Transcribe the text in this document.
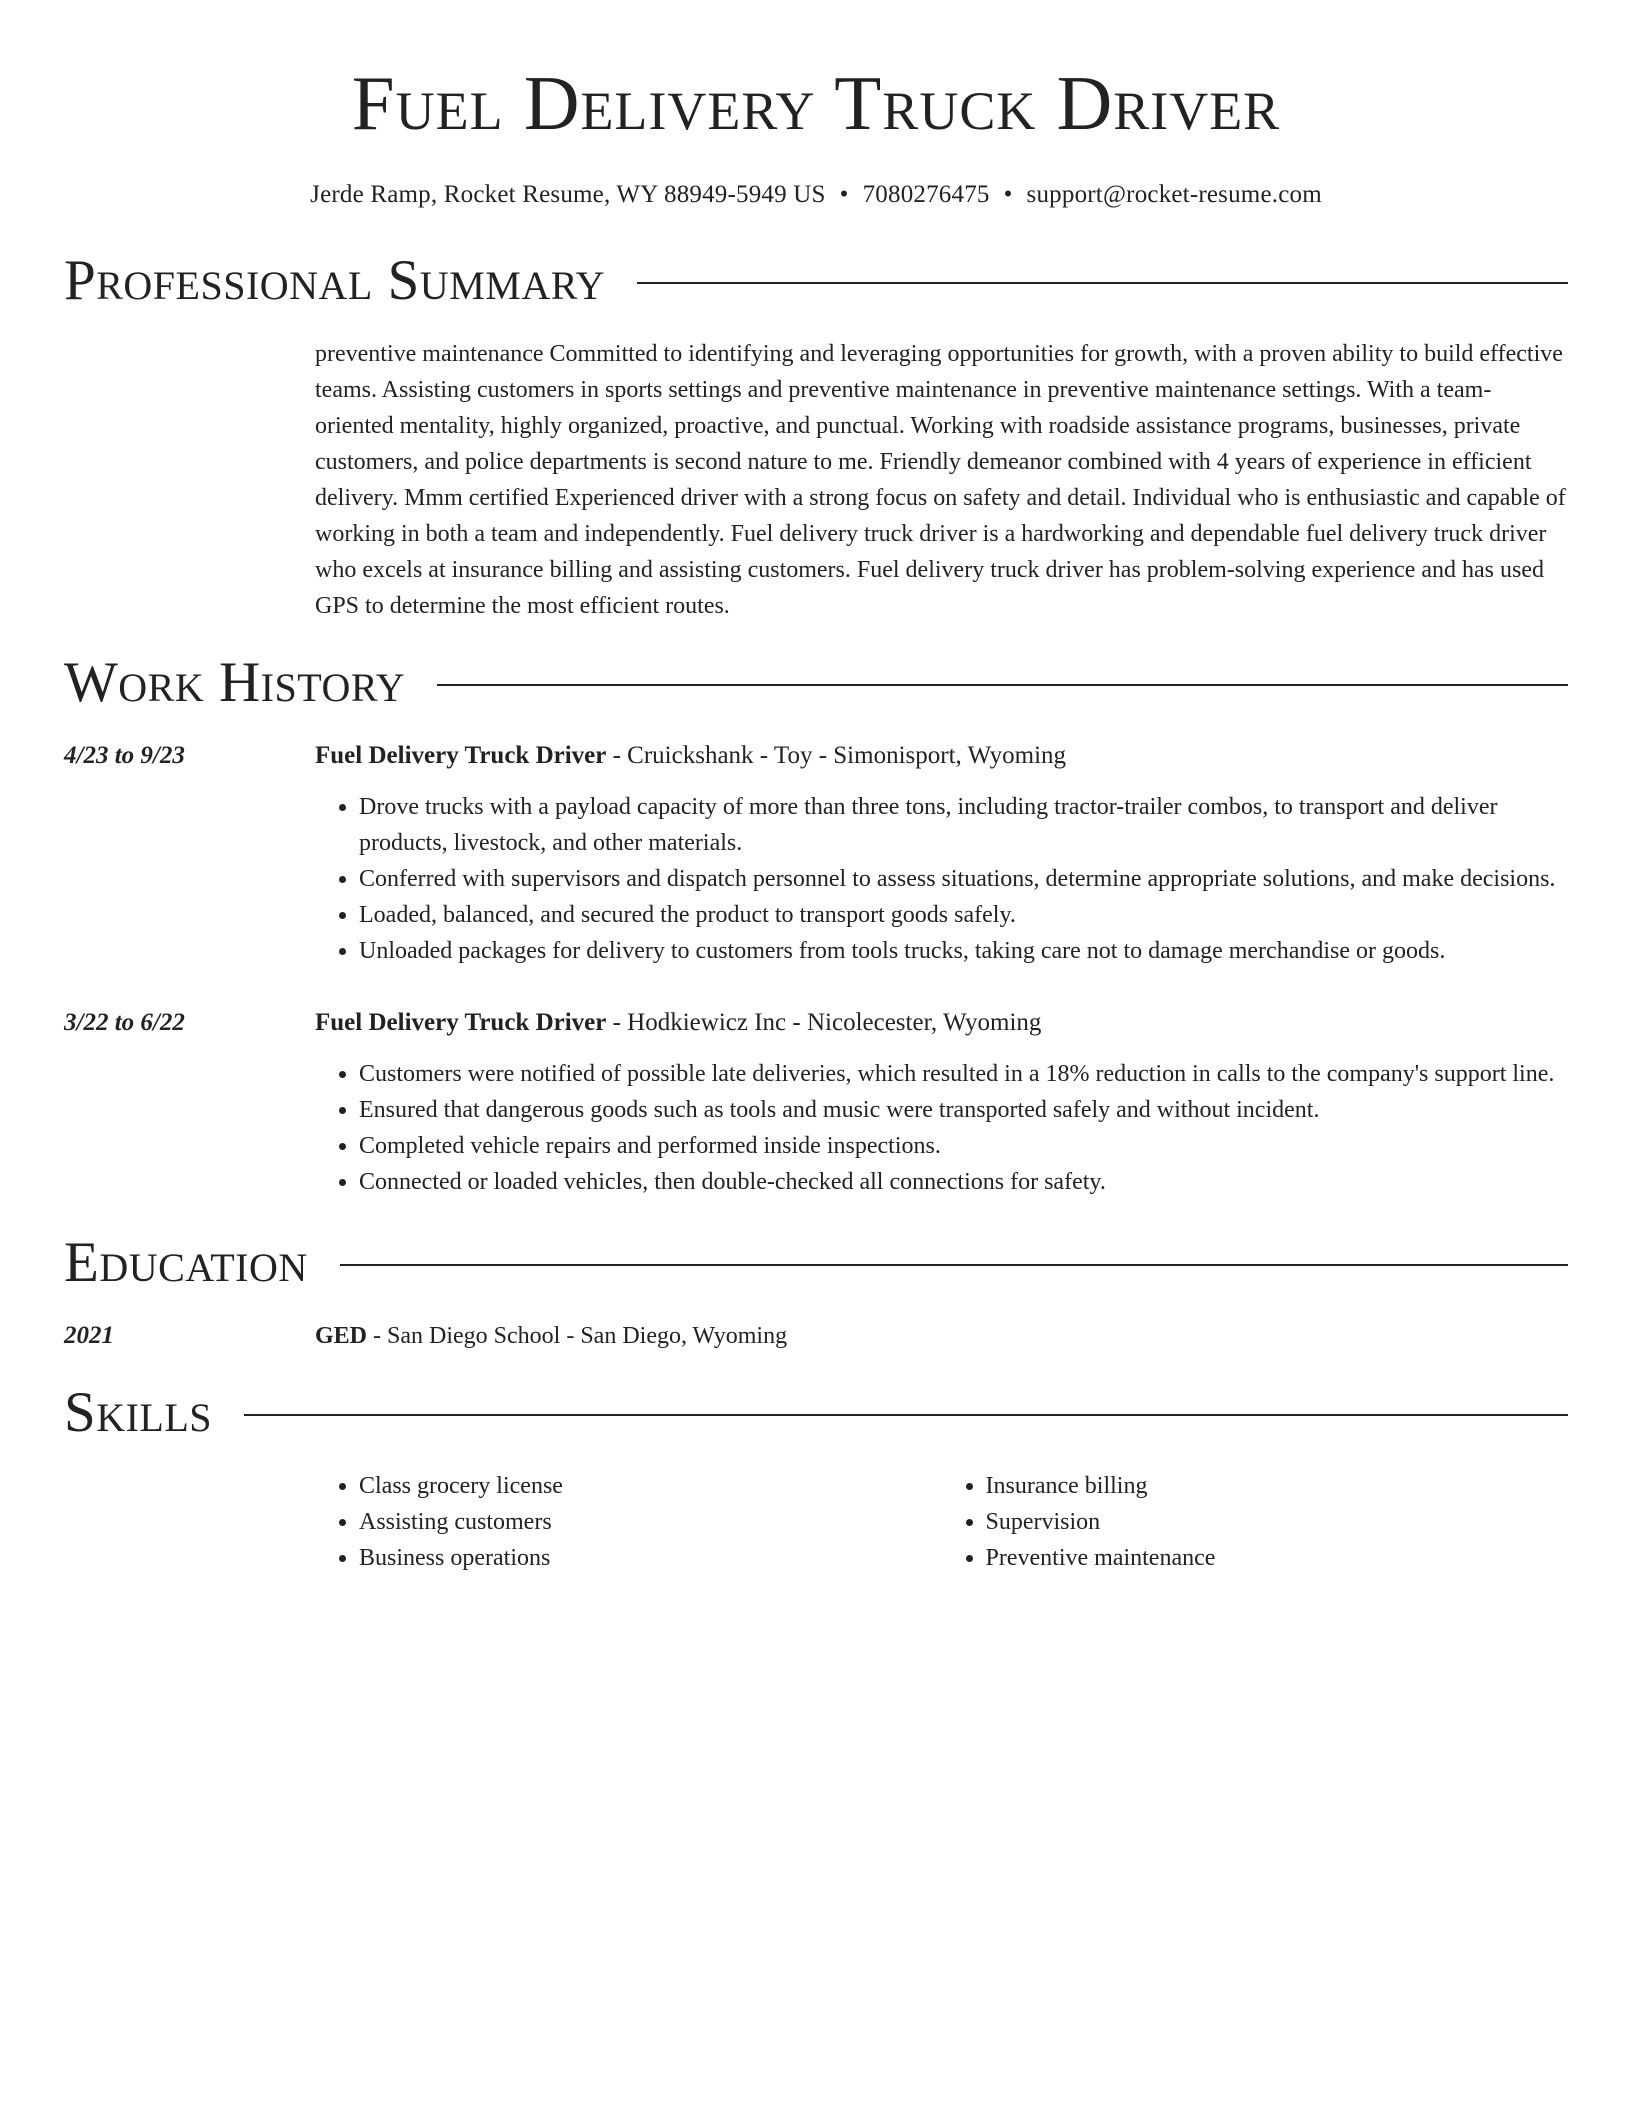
Fuel Delivery Truck Driver
Jerde Ramp, Rocket Resume, WY 88949-5949 US • 7080276475 • support@rocket-resume.com
Professional Summary
preventive maintenance Committed to identifying and leveraging opportunities for growth, with a proven ability to build effective teams. Assisting customers in sports settings and preventive maintenance in preventive maintenance settings. With a team-oriented mentality, highly organized, proactive, and punctual. Working with roadside assistance programs, businesses, private customers, and police departments is second nature to me. Friendly demeanor combined with 4 years of experience in efficient delivery. Mmm certified Experienced driver with a strong focus on safety and detail. Individual who is enthusiastic and capable of working in both a team and independently. Fuel delivery truck driver is a hardworking and dependable fuel delivery truck driver who excels at insurance billing and assisting customers. Fuel delivery truck driver has problem-solving experience and has used GPS to determine the most efficient routes.
Work History
4/23 to 9/23	Fuel Delivery Truck Driver - Cruickshank - Toy - Simonisport, Wyoming
• Drove trucks with a payload capacity of more than three tons, including tractor-trailer combos, to transport and deliver products, livestock, and other materials.
• Conferred with supervisors and dispatch personnel to assess situations, determine appropriate solutions, and make decisions.
• Loaded, balanced, and secured the product to transport goods safely.
• Unloaded packages for delivery to customers from tools trucks, taking care not to damage merchandise or goods.
3/22 to 6/22	Fuel Delivery Truck Driver - Hodkiewicz Inc - Nicolecester, Wyoming
• Customers were notified of possible late deliveries, which resulted in a 18% reduction in calls to the company's support line.
• Ensured that dangerous goods such as tools and music were transported safely and without incident.
• Completed vehicle repairs and performed inside inspections.
• Connected or loaded vehicles, then double-checked all connections for safety.
Education
2021	GED - San Diego School - San Diego, Wyoming
Skills
• Class grocery license
• Assisting customers
• Business operations
• Insurance billing
• Supervision
• Preventive maintenance
